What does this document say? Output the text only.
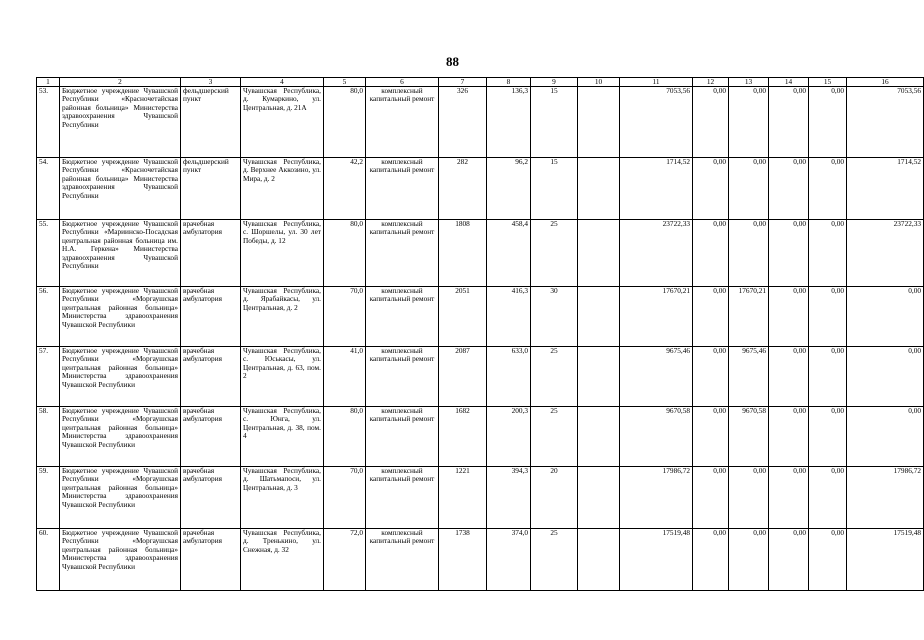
88
1	2	3	4	5	6	7	8	9	10	11	12	13	14	15	16
53.	Бюджетное учреждение Чувашской Республики «Красночетайская районная больница» Министерства здравоохранения Чувашской Республики	фельдшерский пункт	Чувашская Республика, д. Кумаркино, ул. Центральная, д. 21А	80,0	комплексный капитальный ремонт	326	136,3	15		7053,56	0,00	0,00	0,00	0,00	7053,56
54.	Бюджетное учреждение Чувашской Республики «Красночетайская районная больница» Министерства здравоохранения Чувашской Республики	фельдшерский пункт	Чувашская Республика, д. Верхнее Аккозино, ул. Мира, д. 2	42,2	комплексный капитальный ремонт	282	96,2	15		1714,52	0,00	0,00	0,00	0,00	1714,52
55.	Бюджетное учреждение Чувашской Республики «Мариинско-Посадская центральная районная больница им. Н.А. Геркена» Министерства здравоохранения Чувашской Республики	врачебная амбулатория	Чувашская Республика, с. Шоршелы, ул. 30 лет Победы, д. 12	80,0	комплексный капитальный ремонт	1808	458,4	25		23722,33	0,00	0,00	0,00	0,00	23722,33
56.	Бюджетное учреждение Чувашской Республики «Моргаушская центральная районная больница» Министерства здравоохранения Чувашской Республики	врачебная амбулатория	Чувашская Республика, д. Ярабайкасы, ул. Центральная, д. 2	70,0	комплексный капитальный ремонт	2051	416,3	30		17670,21	0,00	17670,21	0,00	0,00	0,00
57.	Бюджетное учреждение Чувашской Республики «Моргаушская центральная районная больница» Министерства здравоохранения Чувашской Республики	врачебная амбулатория	Чувашская Республика, с. Юськасы, ул. Центральная, д. 63, пом. 2	41,0	комплексный капитальный ремонт	2087	633,0	25		9675,46	0,00	9675,46	0,00	0,00	0,00
58.	Бюджетное учреждение Чувашской Республики «Моргаушская центральная районная больница» Министерства здравоохранения Чувашской Республики	врачебная амбулатория	Чувашская Республика, с. Юнга, ул. Центральная, д. 38, пом. 4	80,0	комплексный капитальный ремонт	1682	200,3	25		9670,58	0,00	9670,58	0,00	0,00	0,00
59.	Бюджетное учреждение Чувашской Республики «Моргаушская центральная районная больница» Министерства здравоохранения Чувашской Республики	врачебная амбулатория	Чувашская Республика, д. Шатьмапоси, ул. Центральная, д. 3	70,0	комплексный капитальный ремонт	1221	394,3	20		17986,72	0,00	0,00	0,00	0,00	17986,72
60.	Бюджетное учреждение Чувашской Республики «Моргаушская центральная районная больница» Министерства здравоохранения Чувашской Республики	врачебная амбулатория	Чувашская Республика, д. Тренькино, ул. Снежная, д. 32	72,0	комплексный капитальный ремонт	1738	374,0	25		17519,48	0,00	0,00	0,00	0,00	17519,48
